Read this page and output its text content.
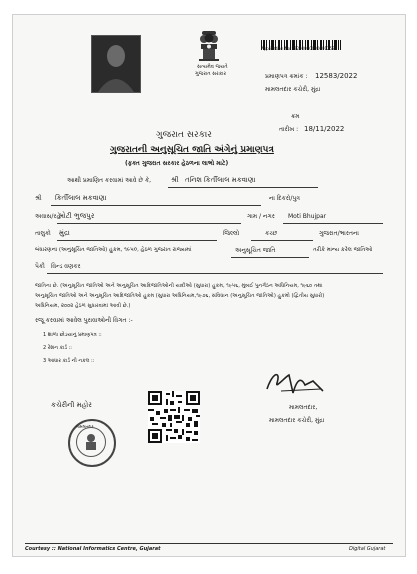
સત્યમેવ જયતે
ગુજરાત સરકાર
Application No : 22000200000012583
પ્રમાણપત્ર ક્રમાંક : 12583/2022
મામલતદાર કચેરી, મુંદ્રા
ક્રમ
તારીખ : 18/11/2022
ગુજરાત સરકાર
ગુજરાતની અનુસૂચિત જાતિ અંગેનું પ્રમાણપત્ર
(ફક્ત ગુજરાત સરકાર હેઠળના લાભો માટે)
આથી પ્રમાણિત કરવામાં આવે છે કે,	શ્રી તનિશ કિર્તીલાલ મકવાણા
શ્રી કિર્તીલાલ મકવાણા	ના દિકરો/પુત્ર
અવાસ/રહે
મોટી ભુજપુર	ગામ / નગર Moti Bhujpar
તાલુકો મુંદ્રા	જિલ્લો	કચ્છ	ગુજરાત/ભારતના
બંધારણના (અનુસૂચિત જાતિઓ) હુકમ, ૧૯૫૦, હેઠળ ગુજરાત રાજ્યમાં	અનુસૂચિત જાતિ	તરીકે માન્ય કરેલ જાતિઓ
પૈકી વિન્ડ વણકર
જાતિના છે. (અનુસૂચિત જાતિઓ અને અનુસૂચિત આદિજાતિઓની યાદીઓ (સુધારા) હુકમ, ૧૯૫૬, મુંબઈ પુનર્ગઠન અધિનિયમ, ૧૯૬૦ તથા
અનુસૂચિત જાતિઓ અને અનુસૂચિત આદિજાતિઓ હુકમ (સુધારા અધિનિયમ,૧૯૭૬, સંવિધાન (અનુસૂચિત જાતિઓ) હુકમો (દ્વિતીય સુધારો)
અધિનિયમ, ૨૦૦૨ હેઠળ સુધારવામાં આવી છે.)
રજૂ કરવામાં આવેલ પુરાવાઓની વિગત :-
1 શાળા છોડયાનું પ્રમાણપત્ર ::
2 રેશન કાર્ડ ::
3 આધાર કાર્ડ ની નકલ ::
મામલતદાર,
મામલતદાર કચેરી, મુંદ્રા
કચેરીની મહોર
મામલતદાર
Courtesy :: National Informatics Centre, Gujarat	Digital Gujarat
